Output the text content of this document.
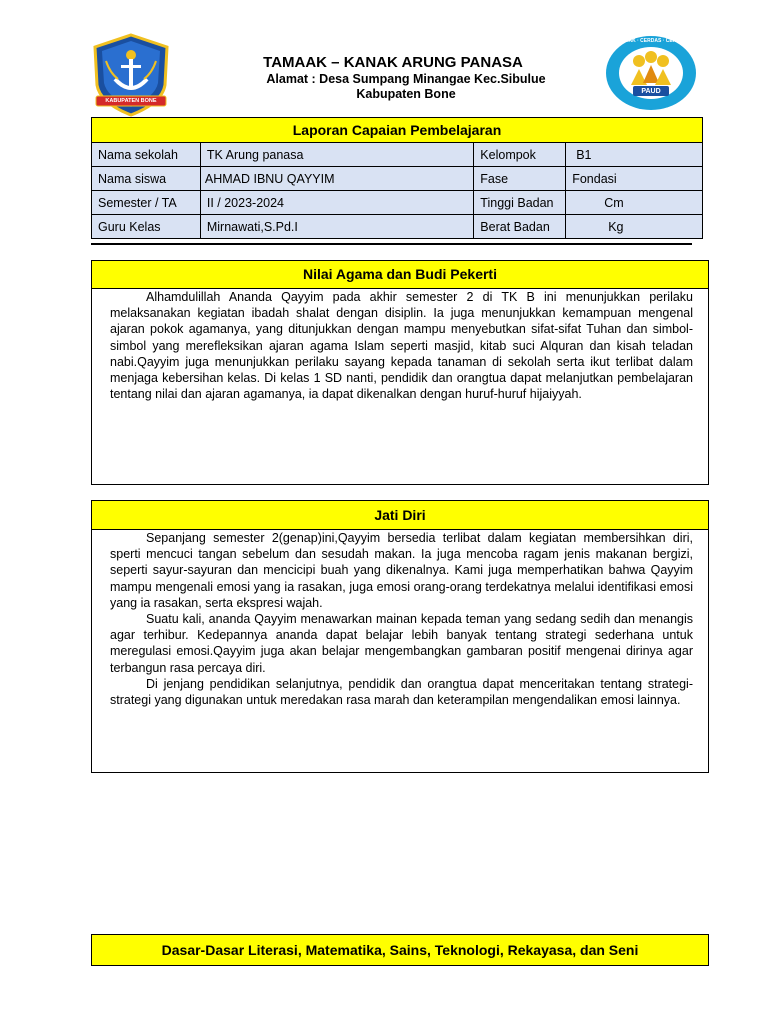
KABUPATEN BONE
AMAK · CERDAS · CERIA
PAUD
TAMAAK – KANAK ARUNG PANASA
Alamat : Desa Sumpang Minangae Kec.Sibulue
Kabupaten Bone
Laporan Capaian Pembelajaran
Nama sekolah	TK Arung panasa	Kelompok	B1
Nama siswa	AHMAD IBNU QAYYIM	Fase	Fondasi
Semester / TA	II / 2023-2024	Tinggi Badan	Cm
Guru Kelas	Mirnawati,S.Pd.I	Berat Badan	Kg
Nilai Agama dan Budi Pekerti

Alhamdulillah Ananda Qayyim pada akhir semester 2 di TK B ini menunjukkan perilaku melaksanakan kegiatan ibadah shalat dengan disiplin. Ia juga menunjukkan kemampuan mengenal ajaran pokok agamanya, yang ditunjukkan dengan mampu menyebutkan sifat-sifat Tuhan dan simbol-simbol yang merefleksikan ajaran agama Islam seperti masjid, kitab suci Alquran dan kisah teladan nabi.Qayyim juga menunjukkan perilaku sayang kepada tanaman di sekolah serta ikut terlibat dalam menjaga kebersihan kelas. Di kelas 1 SD nanti, pendidik dan orangtua dapat melanjutkan pembelajaran tentang nilai dan ajaran agamanya, ia dapat dikenalkan dengan huruf-huruf hijaiyyah.

Jati Diri

Sepanjang semester 2(genap)ini,Qayyim bersedia terlibat dalam kegiatan membersihkan diri, sperti mencuci tangan sebelum dan sesudah makan. Ia juga mencoba ragam jenis makanan bergizi, seperti sayur-sayuran dan mencicipi buah yang dikenalnya. Kami juga memperhatikan bahwa Qayyim mampu mengenali emosi yang ia rasakan, juga emosi orang-orang terdekatnya melalui identifikasi emosi yang ia rasakan, serta ekspresi wajah.

Suatu kali, ananda Qayyim menawarkan mainan kepada teman yang sedang sedih dan menangis agar terhibur. Kedepannya ananda dapat belajar lebih banyak tentang strategi sederhana untuk meregulasi emosi.Qayyim juga akan belajar mengembangkan gambaran positif mengenai dirinya agar terbangun rasa percaya diri.

Di jenjang pendidikan selanjutnya, pendidik dan orangtua dapat menceritakan tentang strategi-strategi yang digunakan untuk meredakan rasa marah dan keterampilan mengendalikan emosi lainnya.

Dasar-Dasar Literasi, Matematika, Sains, Teknologi, Rekayasa, dan Seni
